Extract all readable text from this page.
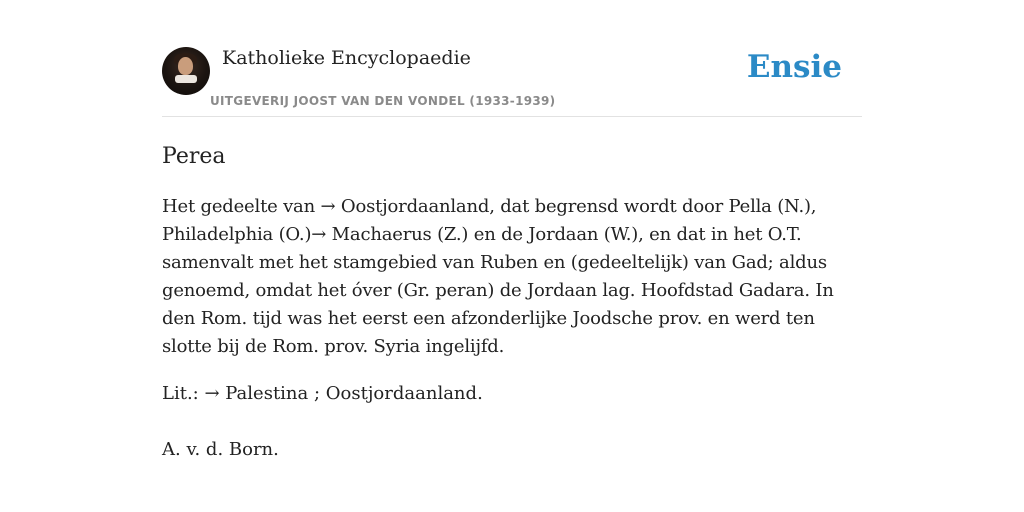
Katholieke Encyclopaedie
UITGEVERIJ JOOST VAN DEN VONDEL (1933-1939)
Ensie
Perea

Het gedeelte van → Oostjordaanland, dat begrensd wordt door Pella (N.), Philadelphia (O.)→ Machaerus (Z.) en de Jordaan (W.), en dat in het O.T. samenvalt met het stamgebied van Ruben en (gedeeltelijk) van Gad; aldus genoemd, omdat het óver (Gr. peran) de Jordaan lag. Hoofdstad Gadara. In den Rom. tijd was het eerst een afzonderlijke Joodsche prov. en werd ten slotte bij de Rom. prov. Syria ingelijfd.

Lit.: → Palestina ; Oostjordaanland.

A. v. d. Born.
